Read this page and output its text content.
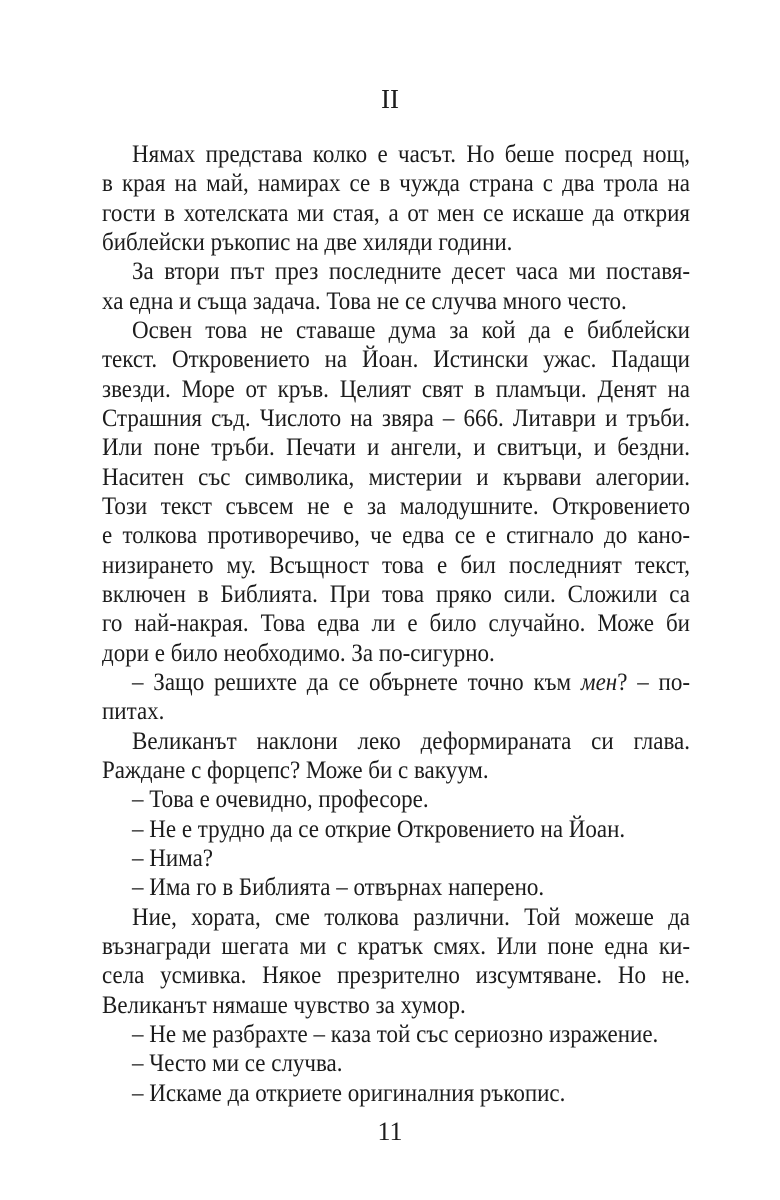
II
Нямах представа колко е часът. Но беше посред нощ,
в края на май, намирах се в чужда страна с два трола на
гости в хотелската ми стая, а от мен се искаше да открия
библейски ръкопис на две хиляди години.
За втори път през последните десет часа ми поставя-
ха една и съща задача. Това не се случва много често.
Освен това не ставаше дума за кой да е библейски
текст. Откровението на Йоан. Истински ужас. Падащи
звезди. Море от кръв. Целият свят в пламъци. Денят на
Страшния съд. Числото на звяра – 666. Литаври и тръби.
Или поне тръби. Печати и ангели, и свитъци, и бездни.
Наситен със символика, мистерии и кървави алегории.
Този текст съвсем не е за малодушните. Откровението
е толкова противоречиво, че едва се е стигнало до кано-
низирането му. Всъщност това е бил последният текст,
включен в Библията. При това пряко сили. Сложили са
го най-накрая. Това едва ли е било случайно. Може би
дори е било необходимо. За по-сигурно.
– Защо решихте да се обърнете точно към мен? – по-
питах.
Великанът наклони леко деформираната си глава.
Раждане с форцепс? Може би с вакуум.
– Това е очевидно, професоре.
– Не е трудно да се открие Откровението на Йоан.
– Нима?
– Има го в Библията – отвърнах наперено.
Ние, хората, сме толкова различни. Той можеше да
възнагради шегата ми с кратък смях. Или поне една ки-
села усмивка. Някое презрително изсумтяване. Но не.
Великанът нямаше чувство за хумор.
– Не ме разбрахте – каза той със сериозно изражение.
– Често ми се случва.
– Искаме да откриете оригиналния ръкопис.
11
